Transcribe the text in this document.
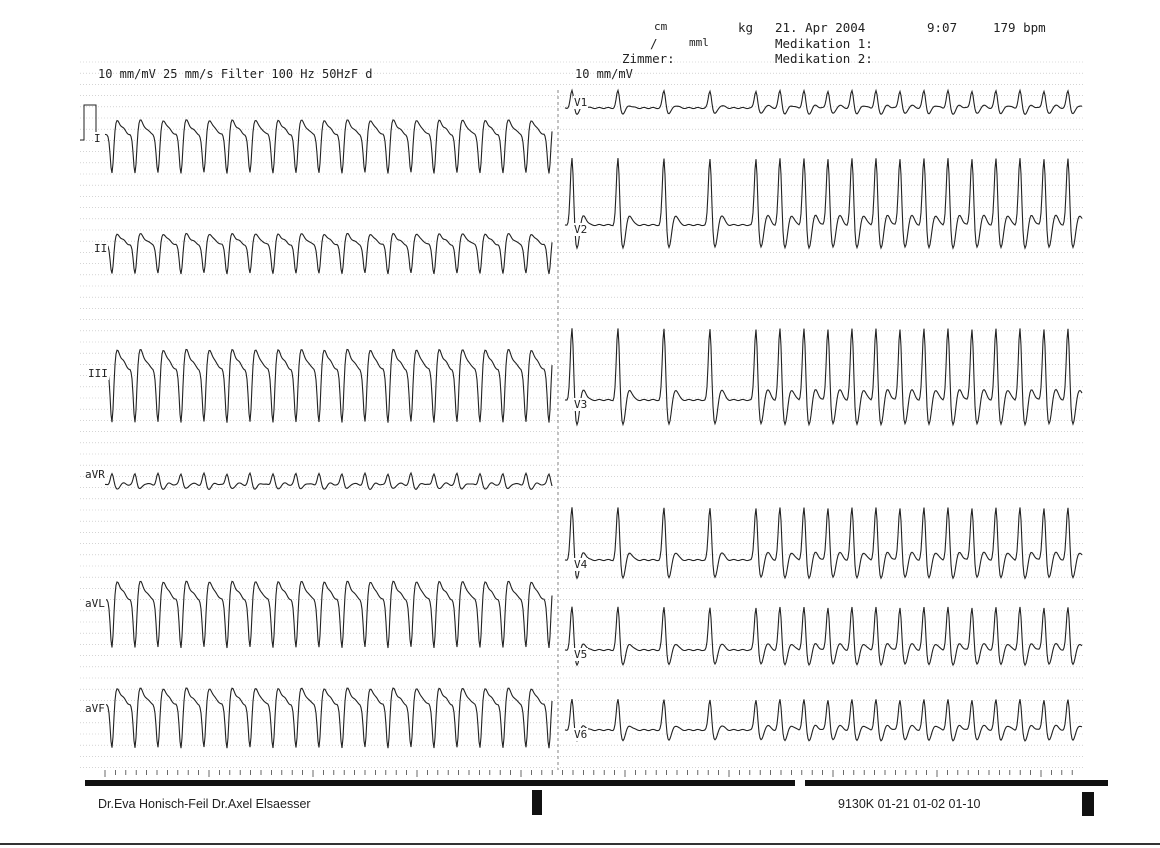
cm	kg 21. Apr 2004	9:07	179 bpm
/	mml	Medikation 1:
Zimmer:	Medikation 2:
10 mm/mV 25 mm/s Filter 100 Hz 50HzF d	10 mm/mV
I
II
III
aVR
aVL
aVF
V1
V2
V3
V4
V5
V6
Dr.Eva Honisch-Feil Dr.Axel Elsaesser	9130K 01-21 01-02 01-10
